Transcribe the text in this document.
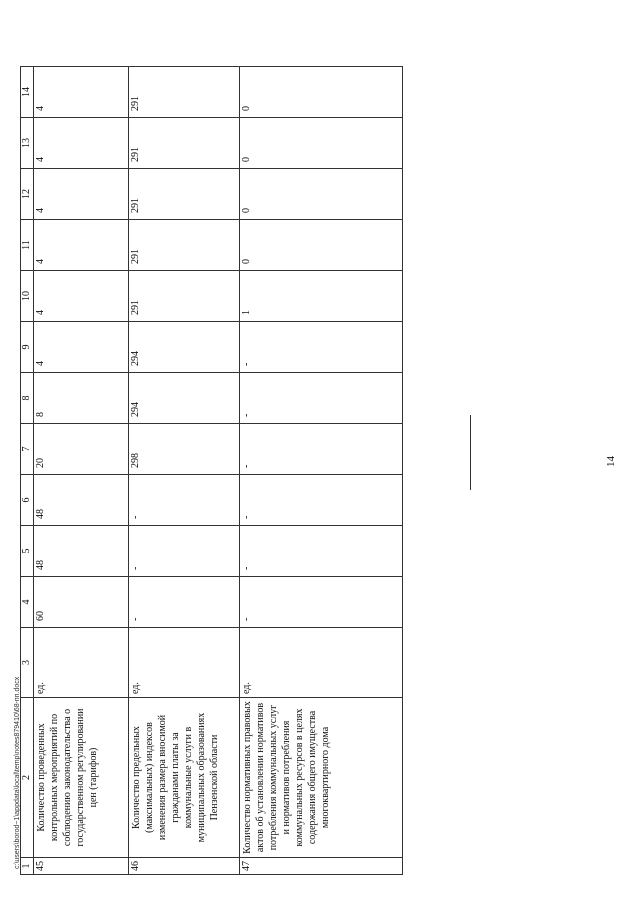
1	2	3	4	5	6	7	8	9	10	11	12	13	14
45	Количество проведенных контрольных мероприятий по соблюдению законодательства о государственном регулировании цен (тарифов)	ед.	60	48	48	20	8	4	4	4	4	4	4
46	Количество предельных (максимальных) индексов изменения размера вносимой гражданами платы за коммунальные услуги в муниципальных образованиях Пензенской области	ед.	-	-	-	298	294	294	291	291	291	291	291
47	Количество нормативных правовых актов об установлении нормативов потребления коммунальных услуг и нормативов потребления коммунальных ресурсов в целях содержания общего имущества многоквартирного дома	ед.	-	-	-	-	-	-	1	0	0	0	0
14
c:\users\borod~1\appdata\local\temp\notes879410\68-пп.docx
